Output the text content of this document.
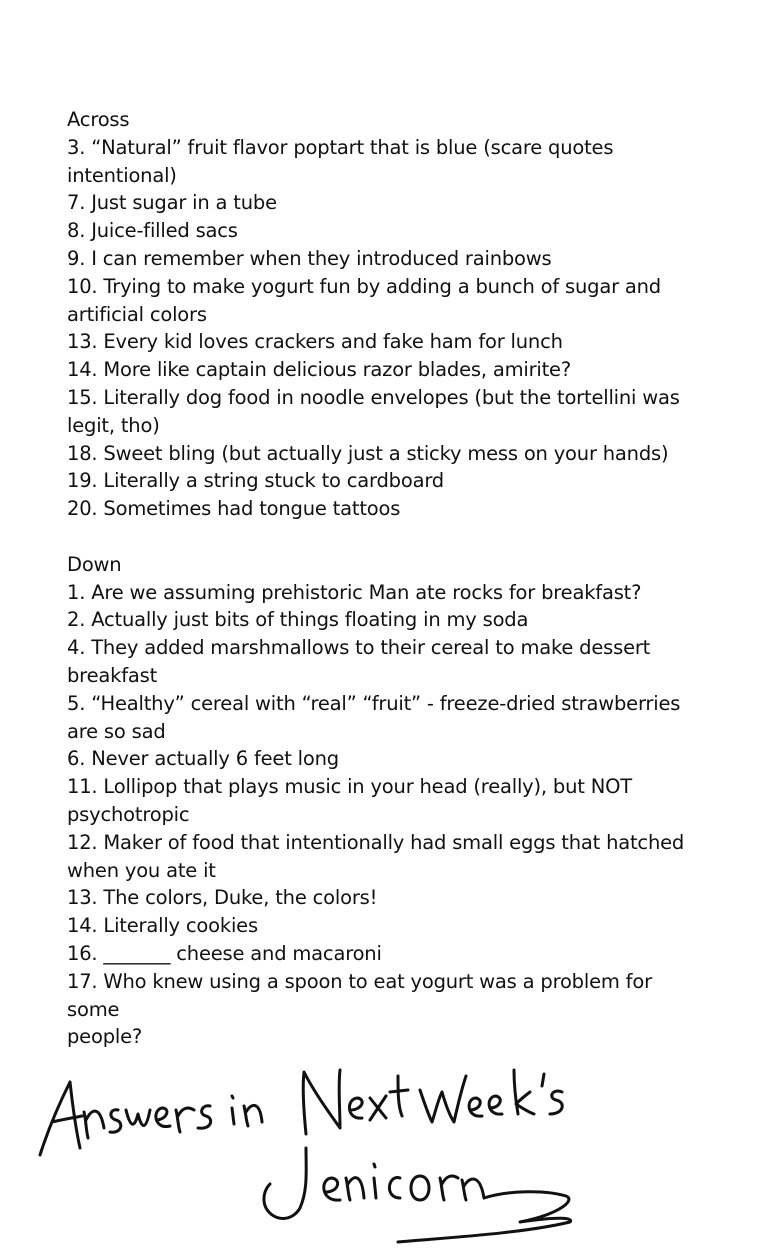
Across
3. “Natural” fruit flavor poptart that is blue (scare quotes
intentional)
7. Just sugar in a tube
8. Juice-filled sacs
9. I can remember when they introduced rainbows
10. Trying to make yogurt fun by adding a bunch of sugar and
artificial colors
13. Every kid loves crackers and fake ham for lunch
14. More like captain delicious razor blades, amirite?
15. Literally dog food in noodle envelopes (but the tortellini was
legit, tho)
18. Sweet bling (but actually just a sticky mess on your hands)
19. Literally a string stuck to cardboard
20. Sometimes had tongue tattoos
Down
1. Are we assuming prehistoric Man ate rocks for breakfast?
2. Actually just bits of things floating in my soda
4. They added marshmallows to their cereal to make dessert
breakfast
5. “Healthy” cereal with “real” “fruit” - freeze-dried strawberries
are so sad
6. Never actually 6 feet long
11. Lollipop that plays music in your head (really), but NOT
psychotropic
12. Maker of food that intentionally had small eggs that hatched
when you ate it
13. The colors, Duke, the colors!
14. Literally cookies
16. _______ cheese and macaroni
17. Who knew using a spoon to eat yogurt was a problem for some
people?
